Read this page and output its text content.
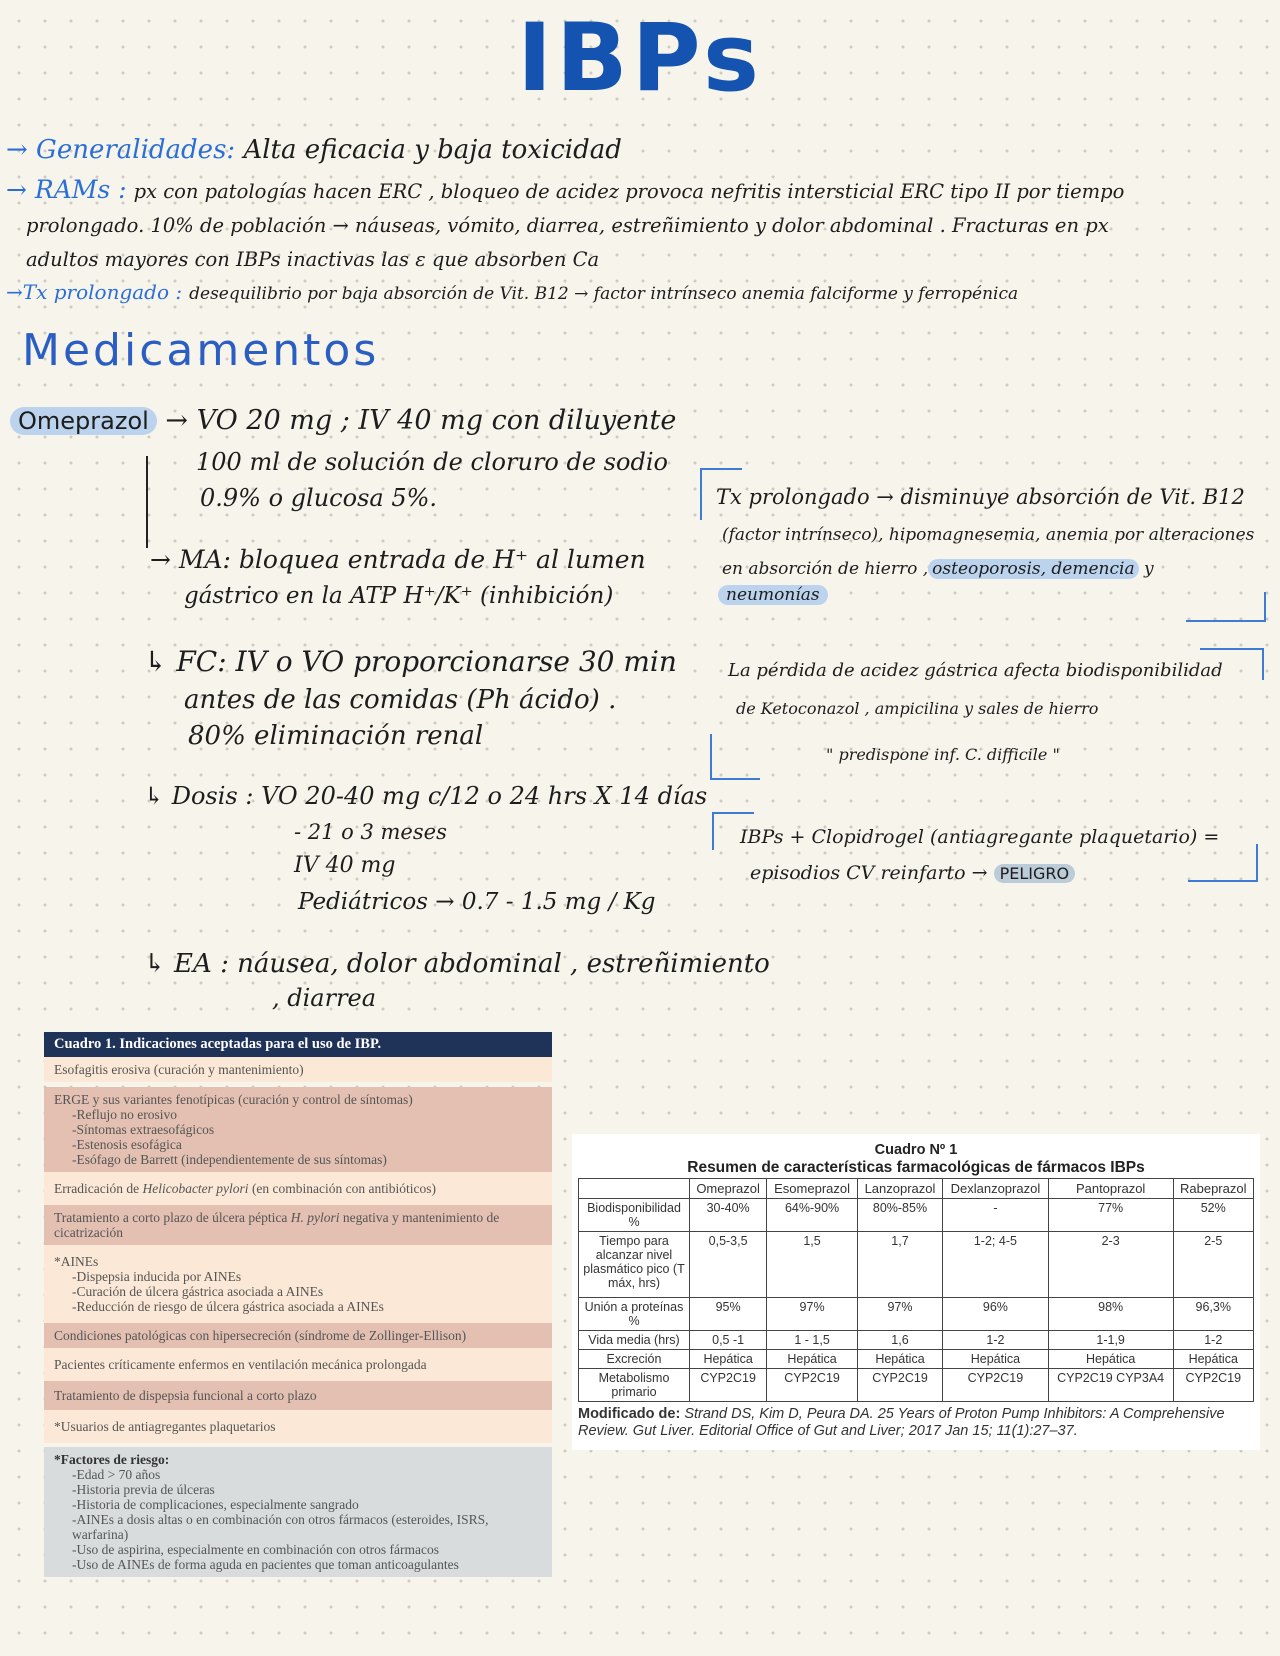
IBPs
→ Generalidades: Alta eficacia y baja toxicidad
→ RAMs : px con patologías hacen ERC , bloqueo de acidez provoca nefritis intersticial ERC tipo II por tiempo
prolongado. 10% de población → náuseas, vómito, diarrea, estreñimiento y dolor abdominal . Fracturas en px
adultos mayores con IBPs inactivas las ε que absorben Ca
→Tx prolongado : desequilibrio por baja absorción de Vit. B12 → factor intrínseco anemia falciforme y ferropénica
Medicamentos
Omeprazol → VO 20 mg ; IV 40 mg con diluyente
100 ml de solución de cloruro de sodio
0.9% o glucosa 5%.
→ MA: bloquea entrada de H⁺ al lumen
gástrico en la ATP H⁺/K⁺ (inhibición)
↳ FC: IV o VO proporcionarse 30 min
antes de las comidas (Ph ácido) .
80% eliminación renal
↳ Dosis : VO 20-40 mg c/12 o 24 hrs X 14 días
- 21 o 3 meses
IV 40 mg
Pediátricos → 0.7 - 1.5 mg / Kg
↳ EA : náusea, dolor abdominal , estreñimiento
, diarrea
Tx prolongado → disminuye absorción de Vit. B12
(factor intrínseco), hipomagnesemia, anemia por alteraciones
en absorción de hierro , osteoporosis, demencia y
neumonías
La pérdida de acidez gástrica afecta biodisponibilidad
de Ketoconazol , ampicilina y sales de hierro
" predispone inf. C. difficile "
IBPs + Clopidrogel (antiagregante plaquetario) =
episodios CV reinfarto → PELIGRO
Cuadro 1. Indicaciones aceptadas para el uso de IBP.
Esofagitis erosiva (curación y mantenimiento)
ERGE y sus variantes fenotípicas (curación y control de síntomas)
-Reflujo no erosivo
-Síntomas extraesofágicos
-Estenosis esofágica
-Esófago de Barrett (independientemente de sus síntomas)
Erradicación de Helicobacter pylori (en combinación con antibióticos)
Tratamiento a corto plazo de úlcera péptica H. pylori negativa y mantenimiento de cicatrización
*AINEs
-Dispepsia inducida por AINEs
-Curación de úlcera gástrica asociada a AINEs
-Reducción de riesgo de úlcera gástrica asociada a AINEs
Condiciones patológicas con hipersecreción (síndrome de Zollinger-Ellison)
Pacientes críticamente enfermos en ventilación mecánica prolongada
Tratamiento de dispepsia funcional a corto plazo
*Usuarios de antiagregantes plaquetarios
*Factores de riesgo:
-Edad > 70 años
-Historia previa de úlceras
-Historia de complicaciones, especialmente sangrado
-AINEs a dosis altas o en combinación con otros fármacos (esteroides, ISRS, warfarina)
-Uso de aspirina, especialmente en combinación con otros fármacos
-Uso de AINEs de forma aguda en pacientes que toman anticoagulantes
Cuadro Nº 1
Resumen de características farmacológicas de fármacos IBPs
	Omeprazol	Esomeprazol	Lanzoprazol	Dexlanzoprazol	Pantoprazol	Rabeprazol
Biodisponibilidad %	30-40%	64%-90%	80%-85%	-	77%	52%
Tiempo para alcanzar nivel plasmático pico (T máx, hrs)	0,5-3,5	1,5	1,7	1-2; 4-5	2-3	2-5
Unión a proteínas %	95%	97%	97%	96%	98%	96,3%
Vida media (hrs)	0,5 -1	1 - 1,5	1,6	1-2	1-1,9	1-2
Excreción	Hepática	Hepática	Hepática	Hepática	Hepática	Hepática
Metabolismo primario	CYP2C19	CYP2C19	CYP2C19	CYP2C19	CYP2C19 CYP3A4	CYP2C19
Modificado de: Strand DS, Kim D, Peura DA. 25 Years of Proton Pump Inhibitors: A Comprehensive Review. Gut Liver. Editorial Office of Gut and Liver; 2017 Jan 15; 11(1):27–37.
